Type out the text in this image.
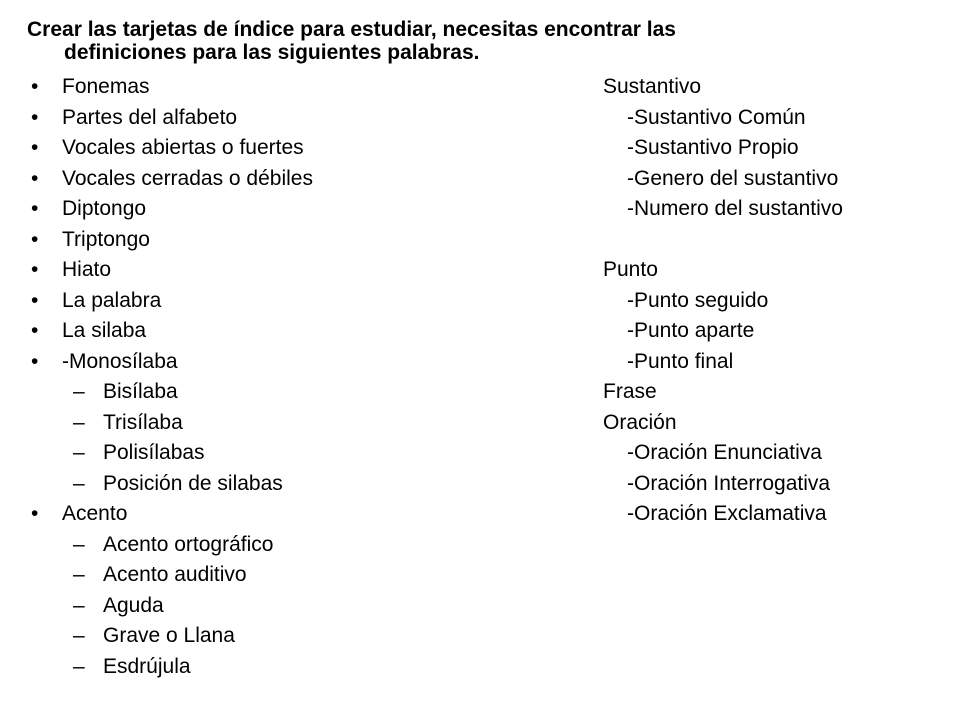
Crear las tarjetas de índice para estudiar, necesitas encontrar las
definiciones para las siguientes palabras.
• Fonemas
• Partes del alfabeto
• Vocales abiertas o fuertes
• Vocales cerradas o débiles
• Diptongo
• Triptongo
• Hiato
• La palabra
• La silaba
• -Monosílaba
– Bisílaba
– Trisílaba
– Polisílabas
– Posición de silabas
• Acento
– Acento ortográfico
– Acento auditivo
– Aguda
– Grave o Llana
– Esdrújula
Sustantivo
-Sustantivo Común
-Sustantivo Propio
-Genero del sustantivo
-Numero del sustantivo
Punto
-Punto seguido
-Punto aparte
-Punto final
Frase
Oración
-Oración Enunciativa
-Oración Interrogativa
-Oración Exclamativa
